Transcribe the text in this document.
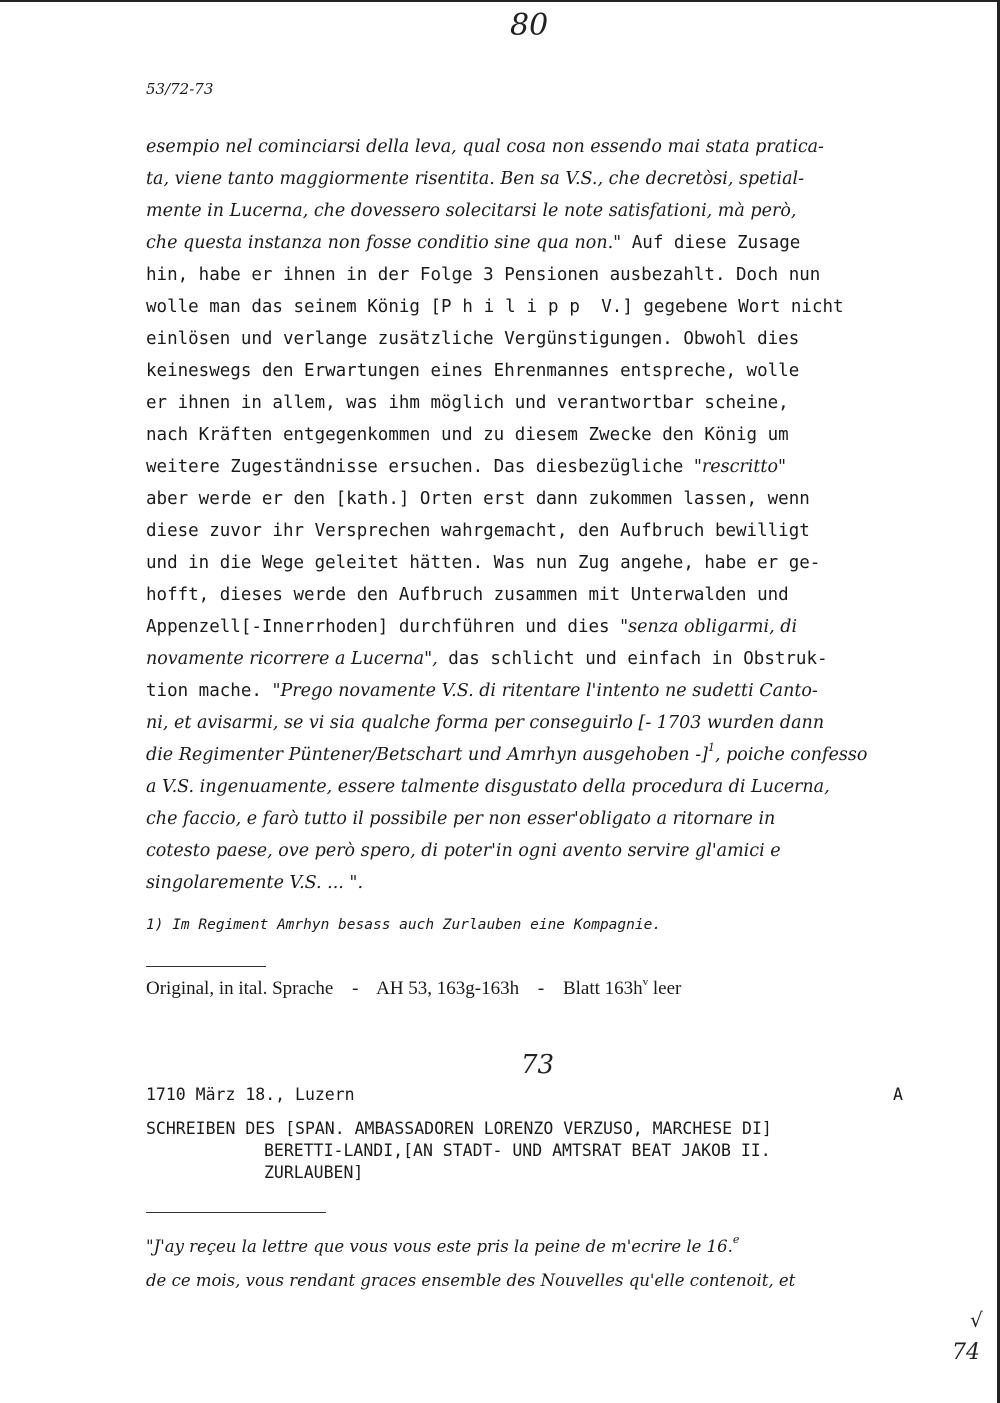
80
53/72-73
esempio nel cominciarsi della leva, qual cosa non essendo mai stata pratica-
ta, viene tanto maggiormente risentita. Ben sa V.S., che decretòsi, spetial-
mente in Lucerna, che dovessero solecitarsi le note satisfationi, mà però,
che questa instanza non fosse conditio sine qua non." Auf diese Zusage
hin, habe er ihnen in der Folge 3 Pensionen ausbezahlt. Doch nun
wolle man das seinem König [Philipp V.] gegebene Wort nicht
einlösen und verlange zusätzliche Vergünstigungen. Obwohl dies
keineswegs den Erwartungen eines Ehrenmannes entspreche, wolle
er ihnen in allem, was ihm möglich und verantwortbar scheine,
nach Kräften entgegenkommen und zu diesem Zwecke den König um
weitere Zugeständnisse ersuchen. Das diesbezügliche "rescritto"
aber werde er den [kath.] Orten erst dann zukommen lassen, wenn
diese zuvor ihr Versprechen wahrgemacht, den Aufbruch bewilligt
und in die Wege geleitet hätten. Was nun Zug angehe, habe er ge-
hofft, dieses werde den Aufbruch zusammen mit Unterwalden und
Appenzell[-Innerrhoden] durchführen und dies "senza obligarmi, di
novamente ricorrere a Lucerna", das schlicht und einfach in Obstruk-
tion mache. "Prego novamente V.S. di ritentare l'intento ne sudetti Canto-
ni, et avisarmi, se vi sia qualche forma per conseguirlo [- 1703 wurden dann
die Regimenter Püntener/Betschart und Amrhyn ausgehoben -]$^1$, poiche confesso
a V.S. ingenuamente, essere talmente disgustato della procedura di Lucerna,
che faccio, e farò tutto il possibile per non esser'obligato a ritornare in
cotesto paese, ove però spero, di poter'in ogni avento servire gl'amici e
singolaremente V.S. ... ".
1) Im Regiment Amrhyn besass auch Zurlauben eine Kompagnie.
Original, in ital. Sprache - AH 53, 163g-163h - Blatt $163h^v$ leer
73
1710 März 18., Luzern	A
SCHREIBEN DES [SPAN. AMBASSADOREN LORENZO VERZUSO, MARCHESE DI]
BERETTI-LANDI,[AN STADT- UND AMTSRAT BEAT JAKOB II.
ZURLAUBEN]
"J'ay reçeu la lettre que vous vous este pris la peine de m'ecrire le 16.$^e$
de ce mois, vous rendant graces ensemble des Nouvelles qu'elle contenoit, et
√
74
